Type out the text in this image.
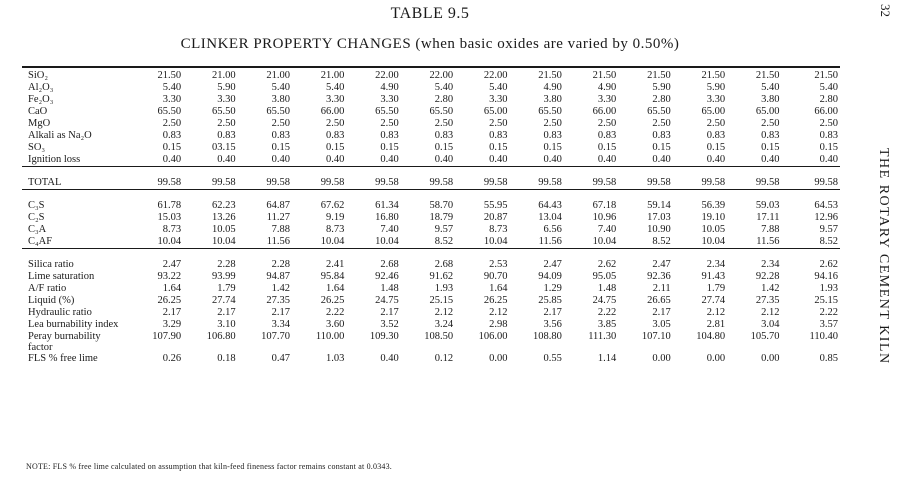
32
THE ROTARY CEMENT KILN
TABLE 9.5
CLINKER PROPERTY CHANGES (when basic oxides are varied by 0.50%)
SiO₂	21.50	21.00	21.00	21.00	22.00	22.00	22.00	21.50	21.50	21.50	21.50	21.50	21.50
Al₂O₃	5.40	5.90	5.40	5.40	4.90	5.40	5.40	4.90	4.90	5.90	5.90	5.40	5.40
Fe₂O₃	3.30	3.30	3.80	3.30	3.30	2.80	3.30	3.80	3.30	2.80	3.30	3.80	2.80
CaO	65.50	65.50	65.50	66.00	65.50	65.50	65.00	65.50	66.00	65.50	65.00	65.00	66.00
MgO	2.50	2.50	2.50	2.50	2.50	2.50	2.50	2.50	2.50	2.50	2.50	2.50	2.50
Alkali as Na₂O	0.83	0.83	0.83	0.83	0.83	0.83	0.83	0.83	0.83	0.83	0.83	0.83	0.83
SO₃	0.15	03.15	0.15	0.15	0.15	0.15	0.15	0.15	0.15	0.15	0.15	0.15	0.15
Ignition loss	0.40	0.40	0.40	0.40	0.40	0.40	0.40	0.40	0.40	0.40	0.40	0.40	0.40

TOTAL	99.58	99.58	99.58	99.58	99.58	99.58	99.58	99.58	99.58	99.58	99.58	99.58	99.58

C₃S	61.78	62.23	64.87	67.62	61.34	58.70	55.95	64.43	67.18	59.14	56.39	59.03	64.53
C₂S	15.03	13.26	11.27	9.19	16.80	18.79	20.87	13.04	10.96	17.03	19.10	17.11	12.96
C₃A	8.73	10.05	7.88	8.73	7.40	9.57	8.73	6.56	7.40	10.90	10.05	7.88	9.57
C₄AF	10.04	10.04	11.56	10.04	10.04	8.52	10.04	11.56	10.04	8.52	10.04	11.56	8.52

Silica ratio	2.47	2.28	2.28	2.41	2.68	2.68	2.53	2.47	2.62	2.47	2.34	2.34	2.62
Lime saturation	93.22	93.99	94.87	95.84	92.46	91.62	90.70	94.09	95.05	92.36	91.43	92.28	94.16
A/F ratio	1.64	1.79	1.42	1.64	1.48	1.93	1.64	1.29	1.48	2.11	1.79	1.42	1.93
Liquid (%)	26.25	27.74	27.35	26.25	24.75	25.15	26.25	25.85	24.75	26.65	27.74	27.35	25.15
Hydraulic ratio	2.17	2.17	2.17	2.22	2.17	2.12	2.12	2.17	2.22	2.17	2.12	2.12	2.22
Lea burnability index	3.29	3.10	3.34	3.60	3.52	3.24	2.98	3.56	3.85	3.05	2.81	3.04	3.57
Peray burnability factor	107.90	106.80	107.70	110.00	109.30	108.50	106.00	108.80	111.30	107.10	104.80	105.70	110.40
FLS % free lime	0.26	0.18	0.47	1.03	0.40	0.12	0.00	0.55	1.14	0.00	0.00	0.00	0.85
NOTE: FLS % free lime calculated on assumption that kiln-feed fineness factor remains constant at 0.0343.
